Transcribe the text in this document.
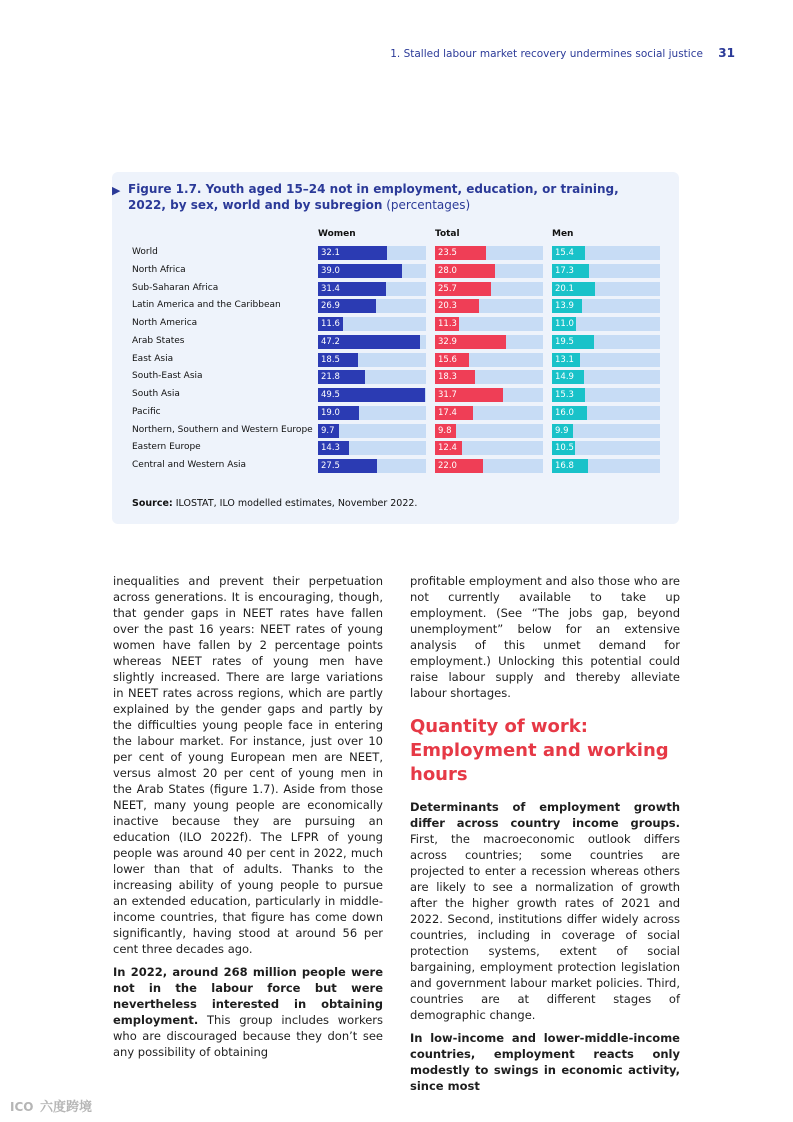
1. Stalled labour market recovery undermines social justice 31
▶ Figure 1.7. Youth aged 15–24 not in employment, education, or training, 2022, by sex, world and by subregion (percentages)
Women	Total	Men
World	32.1	23.5	15.4
North Africa	39.0	28.0	17.3
Sub-Saharan Africa	31.4	25.7	20.1
Latin America and the Caribbean	26.9	20.3	13.9
North America	11.6	11.3	11.0
Arab States	47.2	32.9	19.5
East Asia	18.5	15.6	13.1
South-East Asia	21.8	18.3	14.9
South Asia	49.5	31.7	15.3
Pacific	19.0	17.4	16.0
Northern, Southern and Western Europe 9.7	9.8	9.9
Eastern Europe	14.3	12.4	10.5
Central and Western Asia	27.5	22.0	16.8
Source: ILOSTAT, ILO modelled estimates, November 2022.

inequalities and prevent their perpetuation across generations. It is encouraging, though, that gender gaps in NEET rates have fallen over the past 16 years: NEET rates of young women have fallen by 2 percentage points whereas NEET rates of young men have slightly increased. There are large variations in NEET rates across regions, which are partly explained by the gender gaps and partly by the difficulties young people face in entering the labour market. For instance, just over 10 per cent of young European men are NEET, versus almost 20 per cent of young men in the Arab States (figure 1.7). Aside from those NEET, many young people are economically inactive because they are pursuing an education (ILO 2022f). The LFPR of young people was around 40 per cent in 2022, much lower than that of adults. Thanks to the increasing ability of young people to pursue an extended education, particularly in middle-income countries, that figure has come down significantly, having stood at around 56 per cent three decades ago.

In 2022, around 268 million people were not in the labour force but were nevertheless interested in obtaining employment. This group includes workers who are discouraged because they don’t see any possibility of obtaining

profitable employment and also those who are not currently available to take up employment. (See “The jobs gap, beyond unemployment” below for an extensive analysis of this unmet demand for employment.) Unlocking this potential could raise labour supply and thereby alleviate labour shortages.

Quantity of work: Employment and working hours

Determinants of employment growth differ across country income groups. First, the macroeconomic outlook differs across countries; some countries are projected to enter a recession whereas others are likely to see a normalization of growth after the higher growth rates of 2021 and 2022. Second, institutions differ widely across countries, including in coverage of social protection systems, extent of social bargaining, employment protection legislation and government labour market policies. Third, countries are at different stages of demographic change.

In low-income and lower-middle-income countries, employment reacts only modestly to swings in economic activity, since most

ICO 六度跨境
